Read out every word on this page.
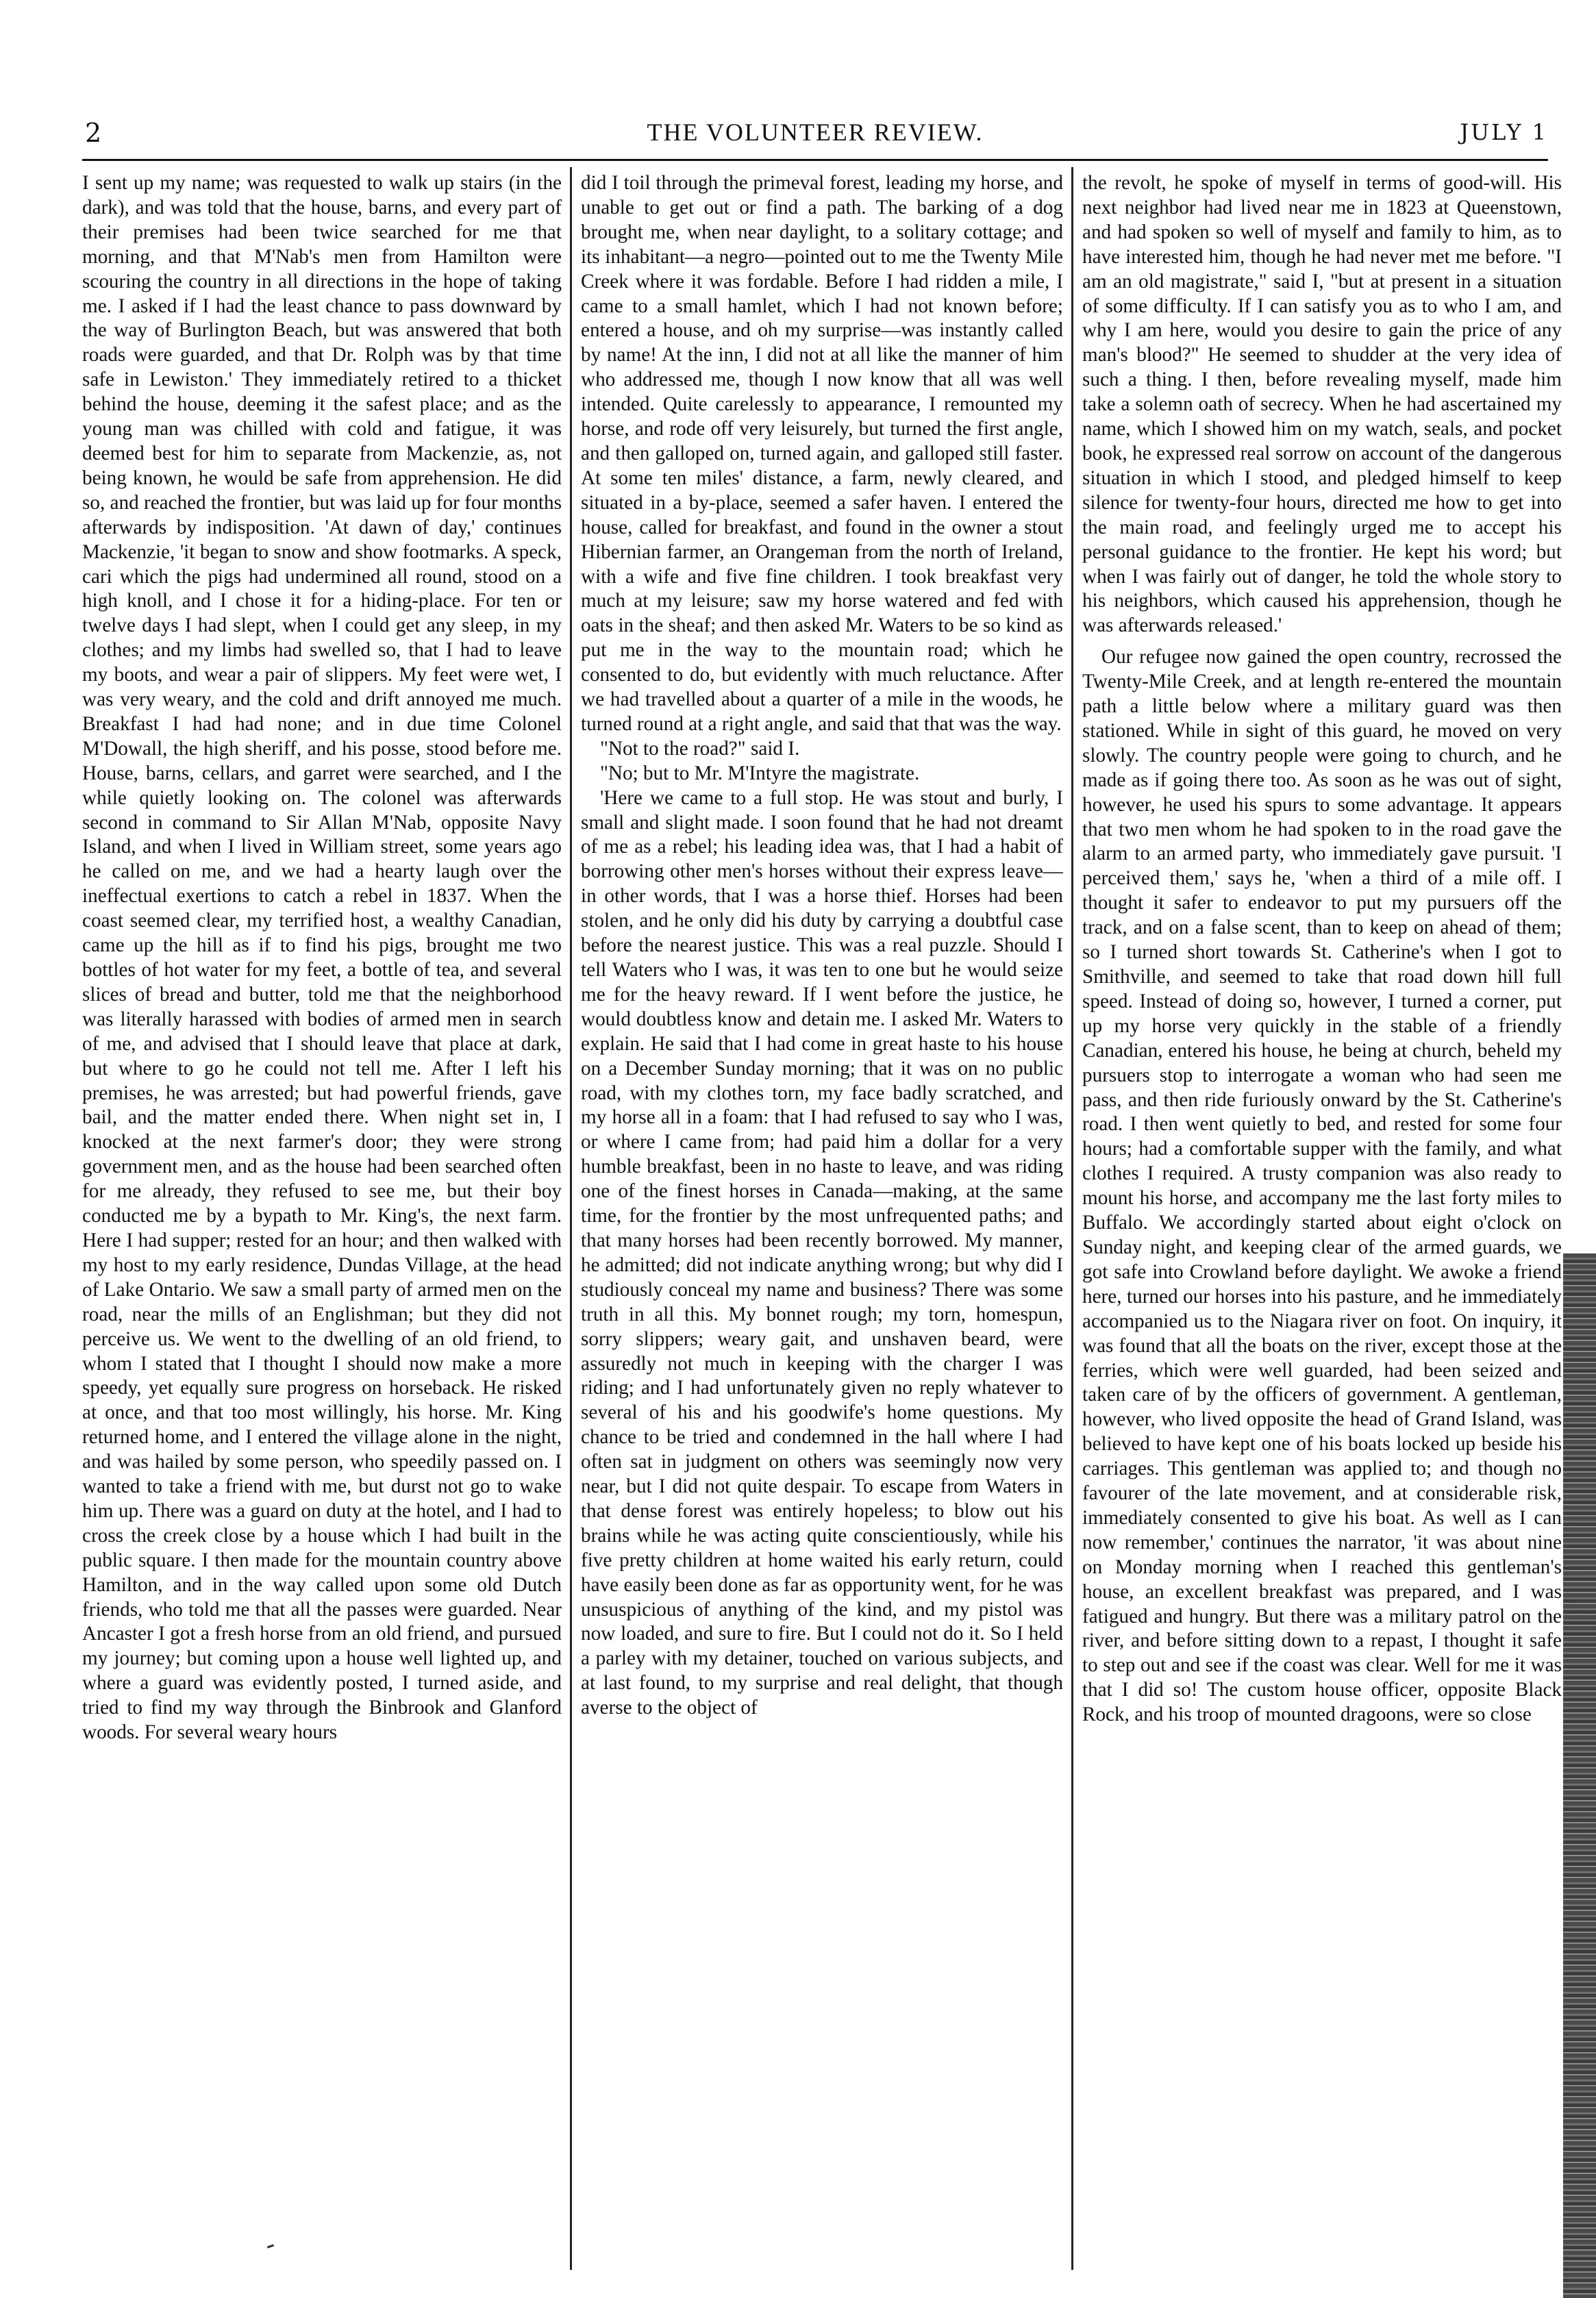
2	THE VOLUNTEER REVIEW.	JULY 1

I sent up my name; was requested to walk up stairs (in the dark), and was told that the house, barns, and every part of their premises had been twice searched for me that morning, and that M'Nab's men from Hamilton were scouring the country in all directions in the hope of taking me. I asked if I had the least chance to pass downward by the way of Burlington Beach, but was answered that both roads were guarded, and that Dr. Rolph was by that time safe in Lewiston.' They immediately retired to a thicket behind the house, deeming it the safest place; and as the young man was chilled with cold and fatigue, it was deemed best for him to separate from Mackenzie, as, not being known, he would be safe from apprehension. He did so, and reached the frontier, but was laid up for four months afterwards by indisposition. 'At dawn of day,' continues Mackenzie, 'it began to snow and show footmarks. A speck, cari which the pigs had undermined all round, stood on a high knoll, and I chose it for a hiding-place. For ten or twelve days I had slept, when I could get any sleep, in my clothes; and my limbs had swelled so, that I had to leave my boots, and wear a pair of slippers. My feet were wet, I was very weary, and the cold and drift annoyed me much. Breakfast I had had none; and in due time Colonel M'Dowall, the high sheriff, and his posse, stood before me. House, barns, cellars, and garret were searched, and I the while quietly looking on. The colonel was afterwards second in command to Sir Allan M'Nab, opposite Navy Island, and when I lived in William street, some years ago he called on me, and we had a hearty laugh over the ineffectual exertions to catch a rebel in 1837. When the coast seemed clear, my terrified host, a wealthy Canadian, came up the hill as if to find his pigs, brought me two bottles of hot water for my feet, a bottle of tea, and several slices of bread and butter, told me that the neighborhood was literally harassed with bodies of armed men in search of me, and advised that I should leave that place at dark, but where to go he could not tell me. After I left his premises, he was arrested; but had powerful friends, gave bail, and the matter ended there. When night set in, I knocked at the next farmer's door; they were strong government men, and as the house had been searched often for me already, they refused to see me, but their boy conducted me by a bypath to Mr. King's, the next farm. Here I had supper; rested for an hour; and then walked with my host to my early residence, Dundas Village, at the head of Lake Ontario. We saw a small party of armed men on the road, near the mills of an Englishman; but they did not perceive us. We went to the dwelling of an old friend, to whom I stated that I thought I should now make a more speedy, yet equally sure progress on horseback. He risked at once, and that too most willingly, his horse. Mr. King returned home, and I entered the village alone in the night, and was hailed by some person, who speedily passed on. I wanted to take a friend with me, but durst not go to wake him up. There was a guard on duty at the hotel, and I had to cross the creek close by a house which I had built in the public square. I then made for the mountain country above Hamilton, and in the way called upon some old Dutch friends, who told me that all the passes were guarded. Near Ancaster I got a fresh horse from an old friend, and pursued my journey; but coming upon a house well lighted up, and where a guard was evidently posted, I turned aside, and tried to find my way through the Binbrook and Glanford woods. For several weary hours

did I toil through the primeval forest, leading my horse, and unable to get out or find a path. The barking of a dog brought me, when near daylight, to a solitary cottage; and its inhabitant—a negro—pointed out to me the Twenty Mile Creek where it was fordable. Before I had ridden a mile, I came to a small hamlet, which I had not known before; entered a house, and oh my surprise—was instantly called by name! At the inn, I did not at all like the manner of him who addressed me, though I now know that all was well intended. Quite carelessly to appearance, I remounted my horse, and rode off very leisurely, but turned the first angle, and then galloped on, turned again, and galloped still faster. At some ten miles' distance, a farm, newly cleared, and situated in a by-place, seemed a safer haven. I entered the house, called for breakfast, and found in the owner a stout Hibernian farmer, an Orangeman from the north of Ireland, with a wife and five fine children. I took breakfast very much at my leisure; saw my horse watered and fed with oats in the sheaf; and then asked Mr. Waters to be so kind as put me in the way to the mountain road; which he consented to do, but evidently with much reluctance. After we had travelled about a quarter of a mile in the woods, he turned round at a right angle, and said that that was the way.

"Not to the road?" said I.

"No; but to Mr. M'Intyre the magistrate.

'Here we came to a full stop. He was stout and burly, I small and slight made. I soon found that he had not dreamt of me as a rebel; his leading idea was, that I had a habit of borrowing other men's horses without their express leave—in other words, that I was a horse thief. Horses had been stolen, and he only did his duty by carrying a doubtful case before the nearest justice. This was a real puzzle. Should I tell Waters who I was, it was ten to one but he would seize me for the heavy reward. If I went before the justice, he would doubtless know and detain me. I asked Mr. Waters to explain. He said that I had come in great haste to his house on a December Sunday morning; that it was on no public road, with my clothes torn, my face badly scratched, and my horse all in a foam: that I had refused to say who I was, or where I came from; had paid him a dollar for a very humble breakfast, been in no haste to leave, and was riding one of the finest horses in Canada—making, at the same time, for the frontier by the most unfrequented paths; and that many horses had been recently borrowed. My manner, he admitted; did not indicate anything wrong; but why did I studiously conceal my name and business? There was some truth in all this. My bonnet rough; my torn, homespun, sorry slippers; weary gait, and unshaven beard, were assuredly not much in keeping with the charger I was riding; and I had unfortunately given no reply whatever to several of his and his goodwife's home questions. My chance to be tried and condemned in the hall where I had often sat in judgment on others was seemingly now very near, but I did not quite despair. To escape from Waters in that dense forest was entirely hopeless; to blow out his brains while he was acting quite conscientiously, while his five pretty children at home waited his early return, could have easily been done as far as opportunity went, for he was unsuspicious of anything of the kind, and my pistol was now loaded, and sure to fire. But I could not do it. So I held a parley with my detainer, touched on various subjects, and at last found, to my surprise and real delight, that though averse to the object of

the revolt, he spoke of myself in terms of good-will. His next neighbor had lived near me in 1823 at Queenstown, and had spoken so well of myself and family to him, as to have interested him, though he had never met me before. "I am an old magistrate," said I, "but at present in a situation of some difficulty. If I can satisfy you as to who I am, and why I am here, would you desire to gain the price of any man's blood?" He seemed to shudder at the very idea of such a thing. I then, before revealing myself, made him take a solemn oath of secrecy. When he had ascertained my name, which I showed him on my watch, seals, and pocket book, he expressed real sorrow on account of the dangerous situation in which I stood, and pledged himself to keep silence for twenty-four hours, directed me how to get into the main road, and feelingly urged me to accept his personal guidance to the frontier. He kept his word; but when I was fairly out of danger, he told the whole story to his neighbors, which caused his apprehension, though he was afterwards released.'

Our refugee now gained the open country, recrossed the Twenty-Mile Creek, and at length re-entered the mountain path a little below where a military guard was then stationed. While in sight of this guard, he moved on very slowly. The country people were going to church, and he made as if going there too. As soon as he was out of sight, however, he used his spurs to some advantage. It appears that two men whom he had spoken to in the road gave the alarm to an armed party, who immediately gave pursuit. 'I perceived them,' says he, 'when a third of a mile off. I thought it safer to endeavor to put my pursuers off the track, and on a false scent, than to keep on ahead of them; so I turned short towards St. Catherine's when I got to Smithville, and seemed to take that road down hill full speed. Instead of doing so, however, I turned a corner, put up my horse very quickly in the stable of a friendly Canadian, entered his house, he being at church, beheld my pursuers stop to interrogate a woman who had seen me pass, and then ride furiously onward by the St. Catherine's road. I then went quietly to bed, and rested for some four hours; had a comfortable supper with the family, and what clothes I required. A trusty companion was also ready to mount his horse, and accompany me the last forty miles to Buffalo. We accordingly started about eight o'clock on Sunday night, and keeping clear of the armed guards, we got safe into Crowland before daylight. We awoke a friend here, turned our horses into his pasture, and he immediately accompanied us to the Niagara river on foot. On inquiry, it was found that all the boats on the river, except those at the ferries, which were well guarded, had been seized and taken care of by the officers of government. A gentleman, however, who lived opposite the head of Grand Island, was believed to have kept one of his boats locked up beside his carriages. This gentleman was applied to; and though no favourer of the late movement, and at considerable risk, immediately consented to give his boat. As well as I can now remember,' continues the narrator, 'it was about nine on Monday morning when I reached this gentleman's house, an excellent breakfast was prepared, and I was fatigued and hungry. But there was a military patrol on the river, and before sitting down to a repast, I thought it safe to step out and see if the coast was clear. Well for me it was that I did so! The custom house officer, opposite Black Rock, and his troop of mounted dragoons, were so close
